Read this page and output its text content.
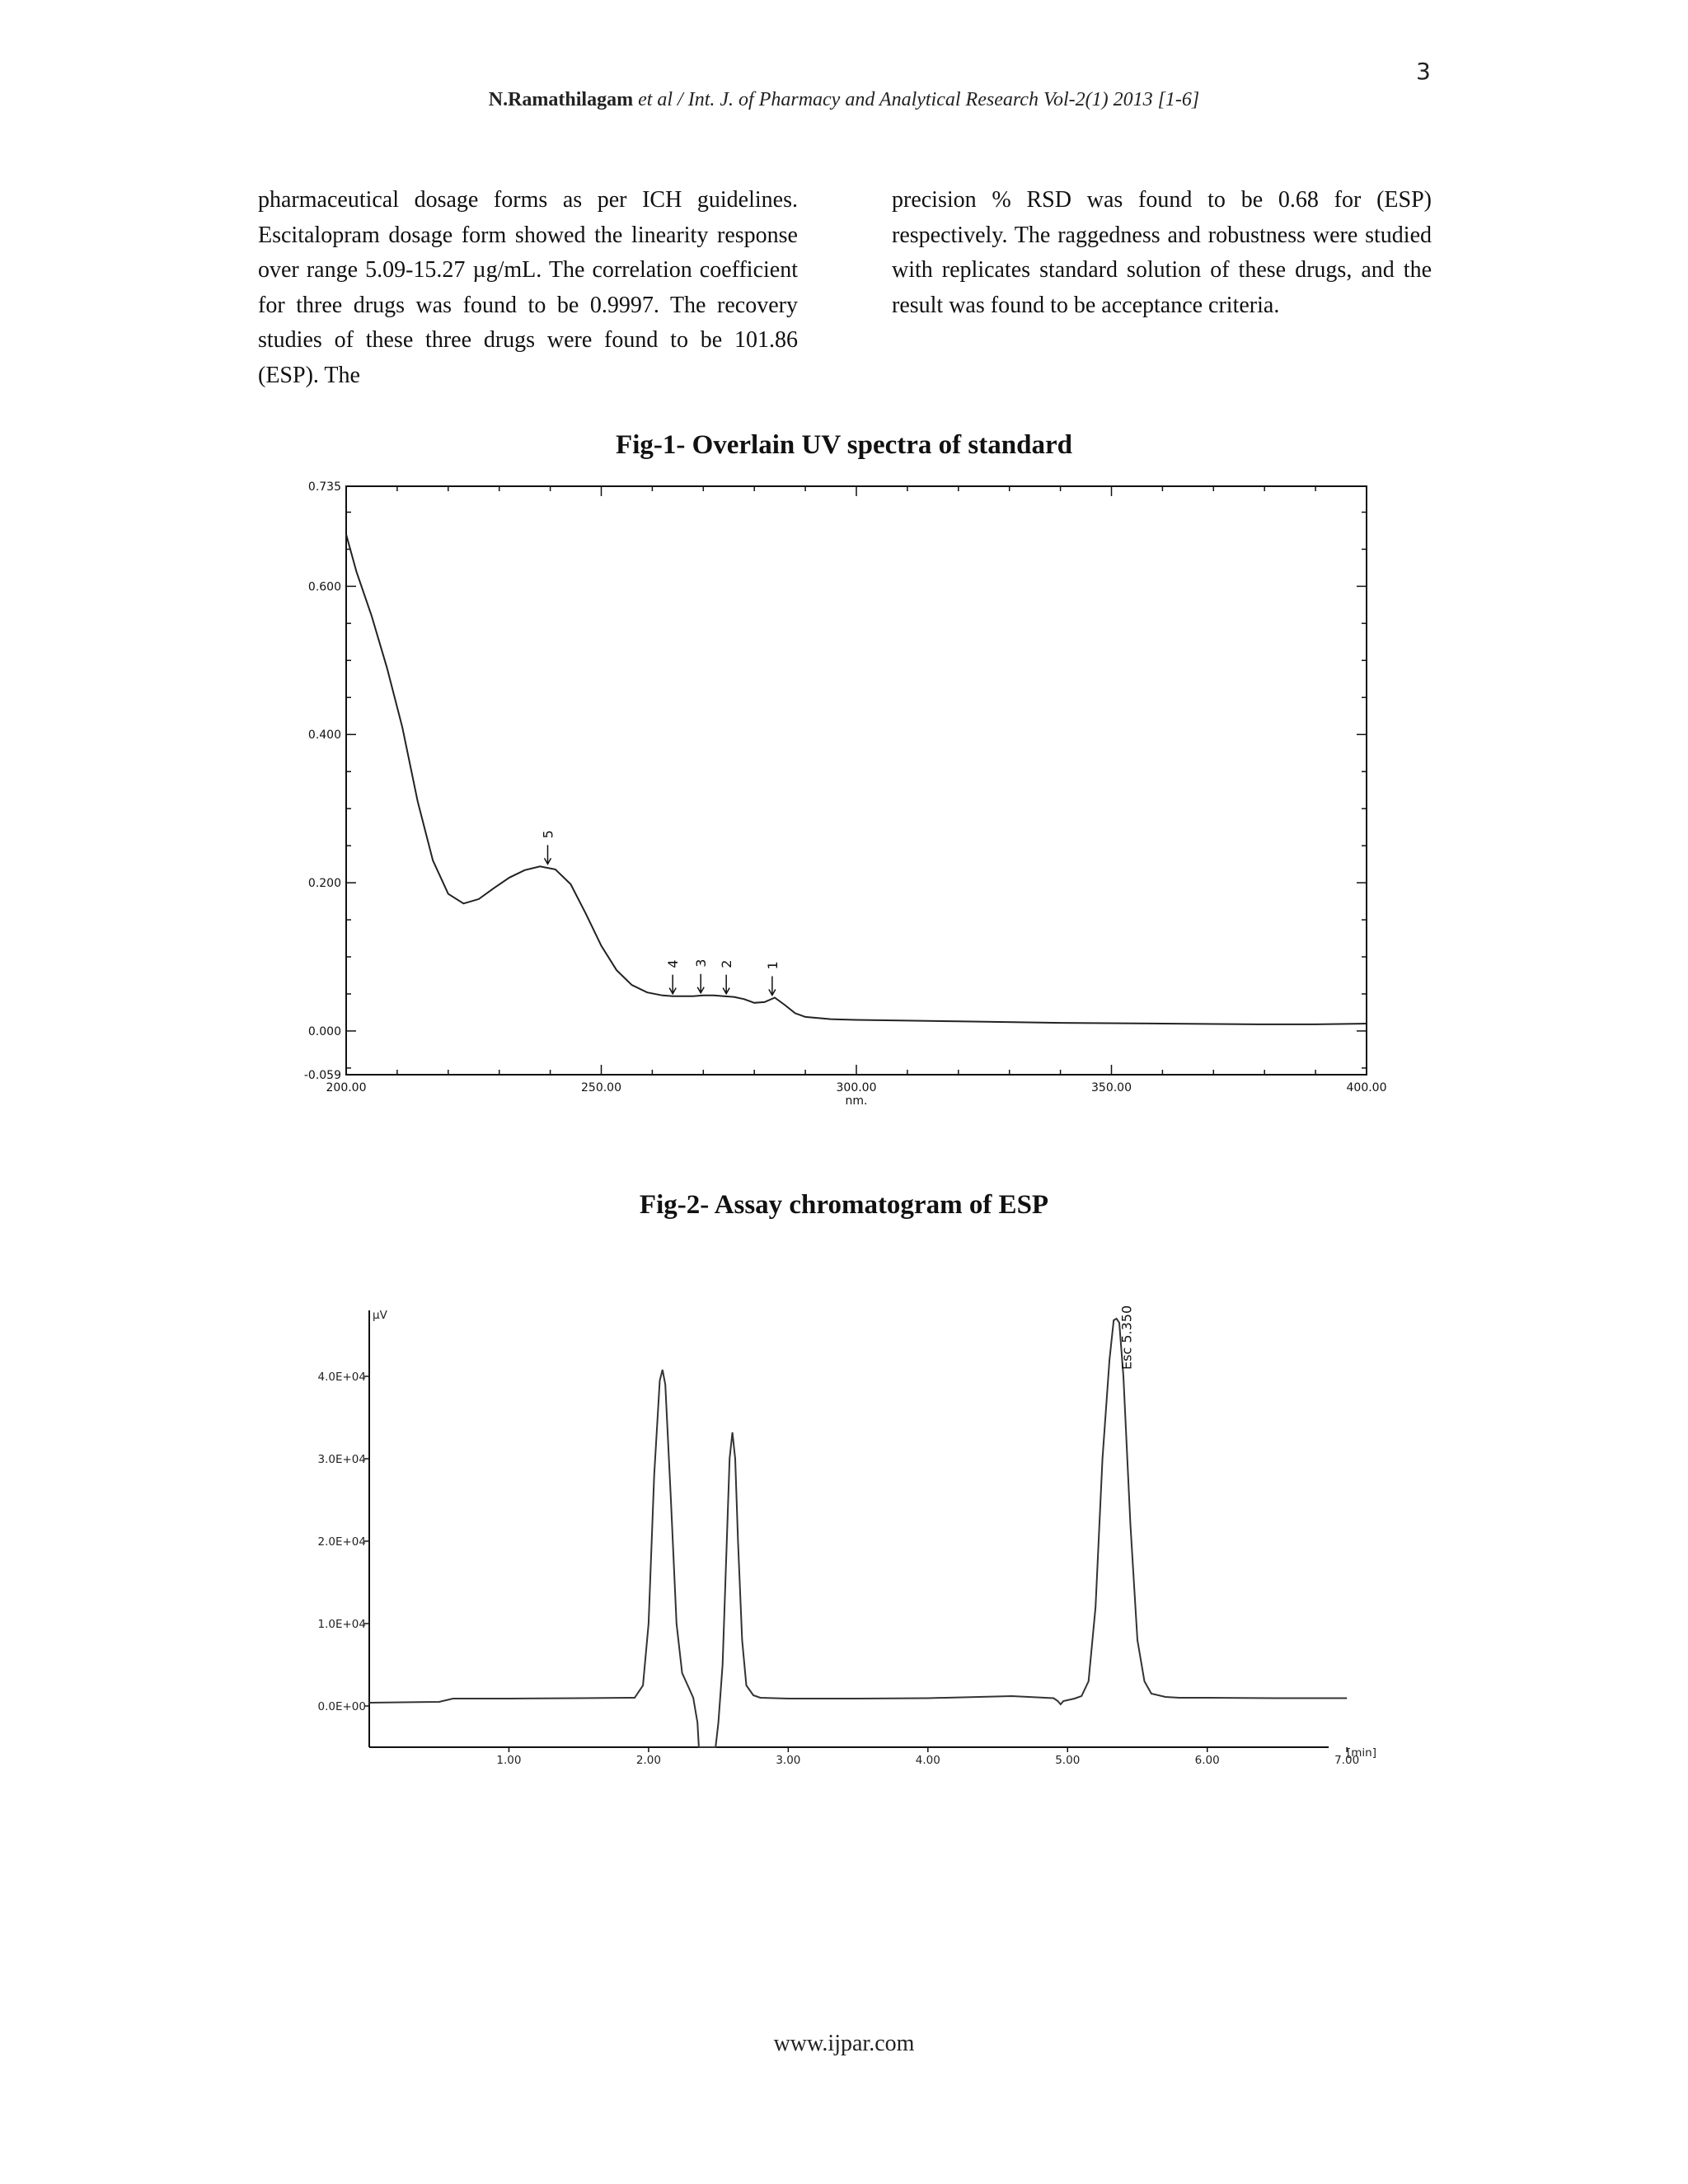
3
N.Ramathilagam et al / Int. J. of Pharmacy and Analytical Research Vol-2(1) 2013 [1-6]
pharmaceutical dosage forms as per ICH guidelines. Escitalopram dosage form showed the linearity response over range 5.09-15.27 µg/mL. The correlation coefficient for three drugs was found to be 0.9997. The recovery studies of these three drugs were found to be 101.86 (ESP). The
precision % RSD was found to be 0.68 for (ESP) respectively. The raggedness and robustness were studied with replicates standard solution of these drugs, and the result was found to be acceptance criteria.
Fig-1- Overlain UV spectra of standard
0.735
0.600
0.400
0.200
0.000
-0.059
200.00	250.00	300.00	350.00	400.00
nm.
5
4 3 2 1
Fig-2- Assay chromatogram of ESP
µV
4.0E+04
3.0E+04
2.0E+04
1.0E+04
0.0E+00
1.00	2.00	3.00	4.00	5.00	6.00	7.00
[min]
Esc 5.350
www.ijpar.com
